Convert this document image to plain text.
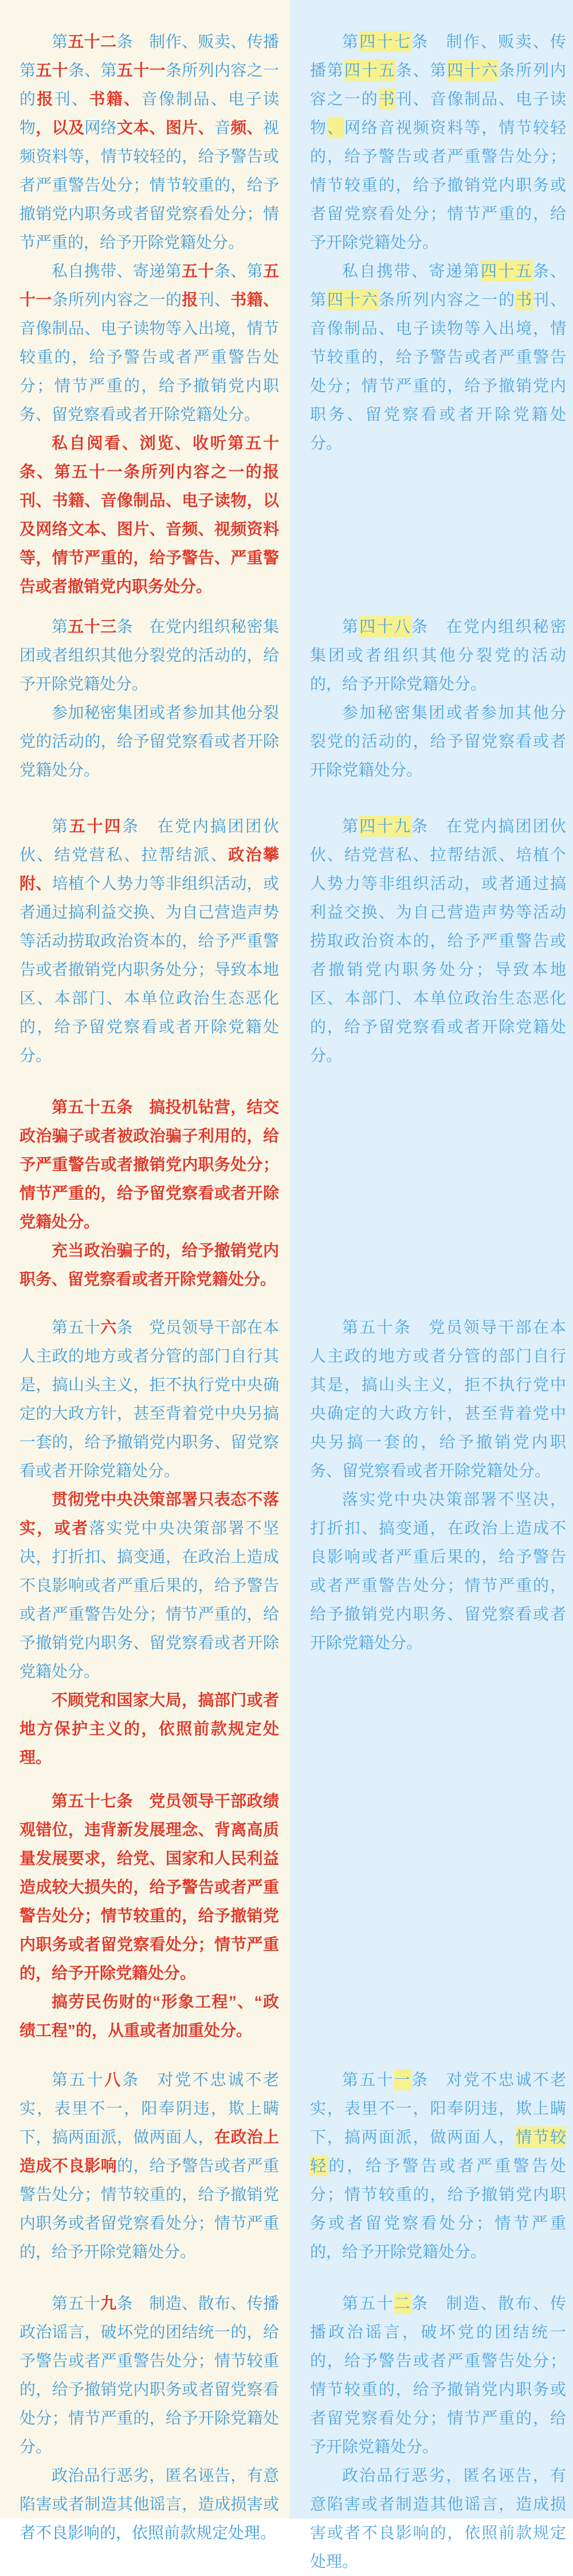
第五十二条　制作、贩卖、传播第五十条、第五十一条所列内容之一的报刊、书籍、音像制品、电子读物，以及网络文本、图片、音频、视频资料等，情节较轻的，给予警告或者严重警告处分；情节较重的，给予撤销党内职务或者留党察看处分；情节严重的，给予开除党籍处分。

私自携带、寄递第五十条、第五十一条所列内容之一的报刊、书籍、音像制品、电子读物等入出境，情节较重的，给予警告或者严重警告处分；情节严重的，给予撤销党内职务、留党察看或者开除党籍处分。

私自阅看、浏览、收听第五十条、第五十一条所列内容之一的报刊、书籍、音像制品、电子读物，以及网络文本、图片、音频、视频资料等，情节严重的，给予警告、严重警告或者撤销党内职务处分。

第四十七条　制作、贩卖、传播第四十五条、第四十六条所列内容之一的书刊、音像制品、电子读物、网络音视频资料等，情节较轻的，给予警告或者严重警告处分；情节较重的，给予撤销党内职务或者留党察看处分；情节严重的，给予开除党籍处分。

私自携带、寄递第四十五条、第四十六条所列内容之一的书刊、音像制品、电子读物等入出境，情节较重的，给予警告或者严重警告处分；情节严重的，给予撤销党内职务、留党察看或者开除党籍处分。

第五十三条　在党内组织秘密集团或者组织其他分裂党的活动的，给予开除党籍处分。

参加秘密集团或者参加其他分裂党的活动的，给予留党察看或者开除党籍处分。

第四十八条　在党内组织秘密集团或者组织其他分裂党的活动的，给予开除党籍处分。

参加秘密集团或者参加其他分裂党的活动的，给予留党察看或者开除党籍处分。

第五十四条　在党内搞团团伙伙、结党营私、拉帮结派、政治攀附、培植个人势力等非组织活动，或者通过搞利益交换、为自己营造声势等活动捞取政治资本的，给予严重警告或者撤销党内职务处分；导致本地区、本部门、本单位政治生态恶化的，给予留党察看或者开除党籍处分。

第四十九条　在党内搞团团伙伙、结党营私、拉帮结派、培植个人势力等非组织活动，或者通过搞利益交换、为自己营造声势等活动捞取政治资本的，给予严重警告或者撤销党内职务处分；导致本地区、本部门、本单位政治生态恶化的，给予留党察看或者开除党籍处分。

第五十五条　搞投机钻营，结交政治骗子或者被政治骗子利用的，给予严重警告或者撤销党内职务处分；情节严重的，给予留党察看或者开除党籍处分。

充当政治骗子的，给予撤销党内职务、留党察看或者开除党籍处分。

第五十六条　党员领导干部在本人主政的地方或者分管的部门自行其是，搞山头主义，拒不执行党中央确定的大政方针，甚至背着党中央另搞一套的，给予撤销党内职务、留党察看或者开除党籍处分。

贯彻党中央决策部署只表态不落实，或者落实党中央决策部署不坚决，打折扣、搞变通，在政治上造成不良影响或者严重后果的，给予警告或者严重警告处分；情节严重的，给予撤销党内职务、留党察看或者开除党籍处分。

不顾党和国家大局，搞部门或者地方保护主义的，依照前款规定处理。

第五十条　党员领导干部在本人主政的地方或者分管的部门自行其是，搞山头主义，拒不执行党中央确定的大政方针，甚至背着党中央另搞一套的，给予撤销党内职务、留党察看或者开除党籍处分。

落实党中央决策部署不坚决，打折扣、搞变通，在政治上造成不良影响或者严重后果的，给予警告或者严重警告处分；情节严重的，给予撤销党内职务、留党察看或者开除党籍处分。

第五十七条　党员领导干部政绩观错位，违背新发展理念、背离高质量发展要求，给党、国家和人民利益造成较大损失的，给予警告或者严重警告处分；情节较重的，给予撤销党内职务或者留党察看处分；情节严重的，给予开除党籍处分。

搞劳民伤财的“形象工程”、“政绩工程”的，从重或者加重处分。

第五十八条　对党不忠诚不老实，表里不一，阳奉阴违，欺上瞒下，搞两面派，做两面人，在政治上造成不良影响的，给予警告或者严重警告处分；情节较重的，给予撤销党内职务或者留党察看处分；情节严重的，给予开除党籍处分。

第五十一条　对党不忠诚不老实，表里不一，阳奉阴违，欺上瞒下，搞两面派，做两面人，情节较轻的，给予警告或者严重警告处分；情节较重的，给予撤销党内职务或者留党察看处分；情节严重的，给予开除党籍处分。

第五十九条　制造、散布、传播政治谣言，破坏党的团结统一的，给予警告或者严重警告处分；情节较重的，给予撤销党内职务或者留党察看处分；情节严重的，给予开除党籍处分。

政治品行恶劣，匿名诬告，有意陷害或者制造其他谣言，造成损害或者不良影响的，依照前款规定处理。

第五十二条　制造、散布、传播政治谣言，破坏党的团结统一的，给予警告或者严重警告处分；情节较重的，给予撤销党内职务或者留党察看处分；情节严重的，给予开除党籍处分。

政治品行恶劣，匿名诬告，有意陷害或者制造其他谣言，造成损害或者不良影响的，依照前款规定处理。
